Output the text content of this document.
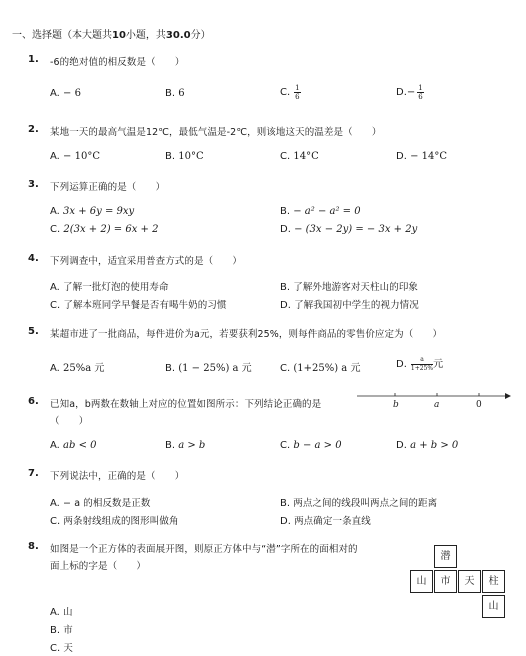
一、选择题（本大题共10小题，共30.0分）
1. -6的绝对值的相反数是（　　）
A. − 6	B. 6	C. $\frac{1}{6}$	$D.- \frac{1}{6}$
2. 某地一天的最高气温是12℃，最低气温是-2℃，则该地这天的温差是（　　）
A. − 10°C	B. 10°C	C. 14°C	D. − 14°C
3. 下列运算正确的是（　　）
A. 3x + 6y = 9xy	B. − a² − a² = 0
C. 2(3x + 2) = 6x + 2	D. − (3x − 2y) = − 3x + 2y
4. 下列调查中，适宜采用普查方式的是（　　）
A. 了解一批灯泡的使用寿命	B. 了解外地游客对天柱山的印象
C. 了解本班同学早餐是否有喝牛奶的习惯	D. 了解我国初中学生的视力情况
5. 某超市进了一批商品，每件进价为a元，若要获利25%，则每件商品的零售价应定为（　　）
A. 25%a 元	B. (1 − 25%) a 元	C. (1+25%) a 元	D. $\frac{a}{1+25\%}$ 元
6. 已知a，b两数在数轴上对应的位置如图所示：下列结论正确的是
（　　）
b	a	0
A. ab < 0	B. a > b	C. b − a > 0	D. a + b > 0
7. 下列说法中，正确的是（　　）
A. − a 的相反数是正数	B. 两点之间的线段叫两点之间的距离
C. 两条射线组成的图形叫做角	D. 两点确定一条直线
8. 如图是一个正方体的表面展开图，则原正方体中与“潜”字所在的面相对的
面上标的字是（　　）
潜
山	市	天	柱
山
A. 山
B. 市
C. 天
